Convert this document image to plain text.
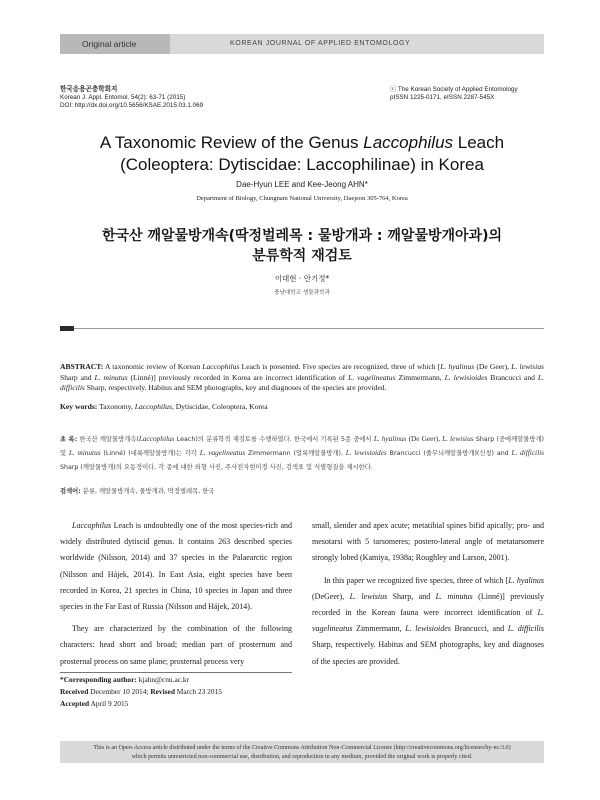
Original article	KOREAN JOURNAL OF APPLIED ENTOMOLOGY
한국응용곤충학회지
Korean J. Appl. Entomol. 54(2): 63-71 (2015)
DOI: http://dx.doi.org/10.5656/KSAE.2015.03.1.069
ⓒ The Korean Society of Applied Entomology
pISSN 1225-0171, eISSN 2287-545X
A Taxonomic Review of the Genus Laccophilus Leach
(Coleoptera: Dytiscidae: Laccophilinae) in Korea
Dae-Hyun LEE and Kee-Jeong AHN*
Department of Biology, Chungnam National University, Daejeon 305-764, Korea
한국산 깨알물방개속(딱정벌레목 : 물방개과 : 깨알물방개아과)의
분류학적 재검토
이대현 · 안기정*
충남대학교 생물과학과
ABSTRACT: A taxonomic review of Korean Laccophilus Leach is presented. Five species are recognized, three of which [L. hyalinus (De Geer), L. lewisius Sharp and L. minutus (Linné)] previously recorded in Korea are incorrect identification of L. vagelineatus Zimmermann, L. lewisioides Brancucci and L. difficilis Sharp, respectively. Habitus and SEM photographs, key and diagnoses of the species are provided.
Key words: Taxonomy, Laccophilus, Dytiscidae, Coleoptera, Korea
초 록: 한국산 깨알물방개속(Laccophilus Leach)의 분류학적 재검토를 수행하였다. 한국에서 기록된 5종 중에서 L. hyalinus (De Geer), L. lewisius Sharp (중에깨알물방개) 및 L. minutus (Linné) (대륙깨알물방개)는 각각 L. vagelineatus Zimmermann (얼룩깨알물방개), L. lewisioides Brancucci (줄무늬깨알물방개)(신칭) and L. difficilis Sharp (깨알물방개)의 오동정이다. 각 종에 대한 외형 사진, 주사전자현미경 사진, 검색표 및 식별형질을 제시한다.
검색어: 분류, 깨알물방개속, 물방개과, 딱정벌레목, 한국

Laccophilus Leach is undoubtedly one of the most species-rich and widely distributed dytiscid genus. It contains 263 described species worldwide (Nilsson, 2014) and 37 species in the Palaearctic region (Nilsson and Hájek, 2014). In East Asia, eight species have been recorded in Korea, 21 species in China, 10 species in Japan and three species in the Far East of Russia (Nilsson and Hájek, 2014).

They are characterized by the combination of the following characters: head short and broad; median part of prosternum and prosternal process on same plane; prosternal process very

small, slender and apex acute; metatibial spines bifid apically; pro- and mesotarsi with 5 tarsomeres; postero-lateral angle of metatarsomere strongly lobed (Kamiya, 1938a; Roughley and Larson, 2001).

In this paper we recognized five species, three of which [L. hyalinus (DeGeer), L. lewisius Sharp, and L. minutus (Linné)] previously recorded in the Korean fauna were incorrect identification of L. vagelineatus Zimmermann, L. lewisioides Brancucci, and L. difficilis Sharp, respectively. Habitus and SEM photographs, key and diagnoses of the species are provided.

*Corresponding author: kjahn@cnu.ac.kr
Received December 10 2014; Revised March 23 2015
Accepted April 9 2015
This is an Open-Access article distributed under the terms of the Creative Commons Attribution Non-Commercial License (http://creativecommons.org/licenses/by-nc/3.0)
which permits unrestricted non-commercial use, distribution, and reproduction in any medium, provided the original work is properly cited.
